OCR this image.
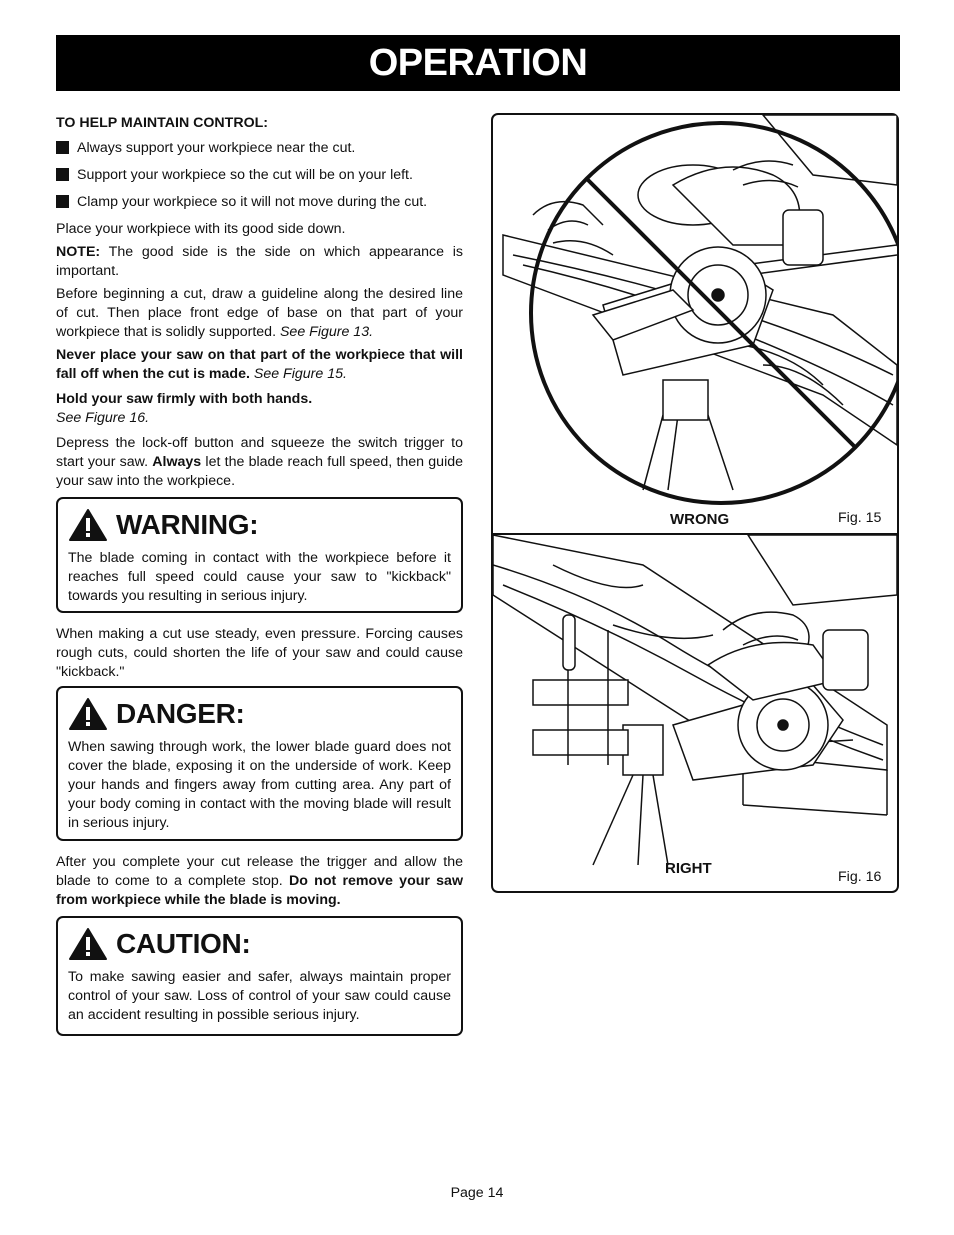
OPERATION

TO HELP MAINTAIN CONTROL:

Always support your workpiece near the cut.

Support your workpiece so the cut will be on your left.

Clamp your workpiece so it will not move during the cut.

Place your workpiece with its good side down.

NOTE: The good side is the side on which appearance is important.

Before beginning a cut, draw a guideline along the desired line of cut. Then place front edge of base on that part of your workpiece that is solidly supported. See Figure 13.

Never place your saw on that part of the workpiece that will fall off when the cut is made. See Figure 15.

Hold your saw firmly with both hands.
See Figure 16.

Depress the lock-off button and squeeze the switch trigger to start your saw. Always let the blade reach full speed, then guide your saw into the workpiece.

WARNING:
The blade coming in contact with the workpiece before it reaches full speed could cause your saw to "kickback" towards you resulting in serious injury.

When making a cut use steady, even pressure. Forcing causes rough cuts, could shorten the life of your saw and could cause "kickback."

DANGER:
When sawing through work, the lower blade guard does not cover the blade, exposing it on the underside of work. Keep your hands and fingers away from cutting area. Any part of your body coming in contact with the moving blade will result in serious injury.

After you complete your cut release the trigger and allow the blade to come to a complete stop. Do not remove your saw from workpiece while the blade is moving.

CAUTION:
To make sawing easier and safer, always maintain proper control of your saw. Loss of control of your saw could cause an accident resulting in possible serious injury.
WRONG	Fig. 15
RIGHT	Fig. 16
Page 14
